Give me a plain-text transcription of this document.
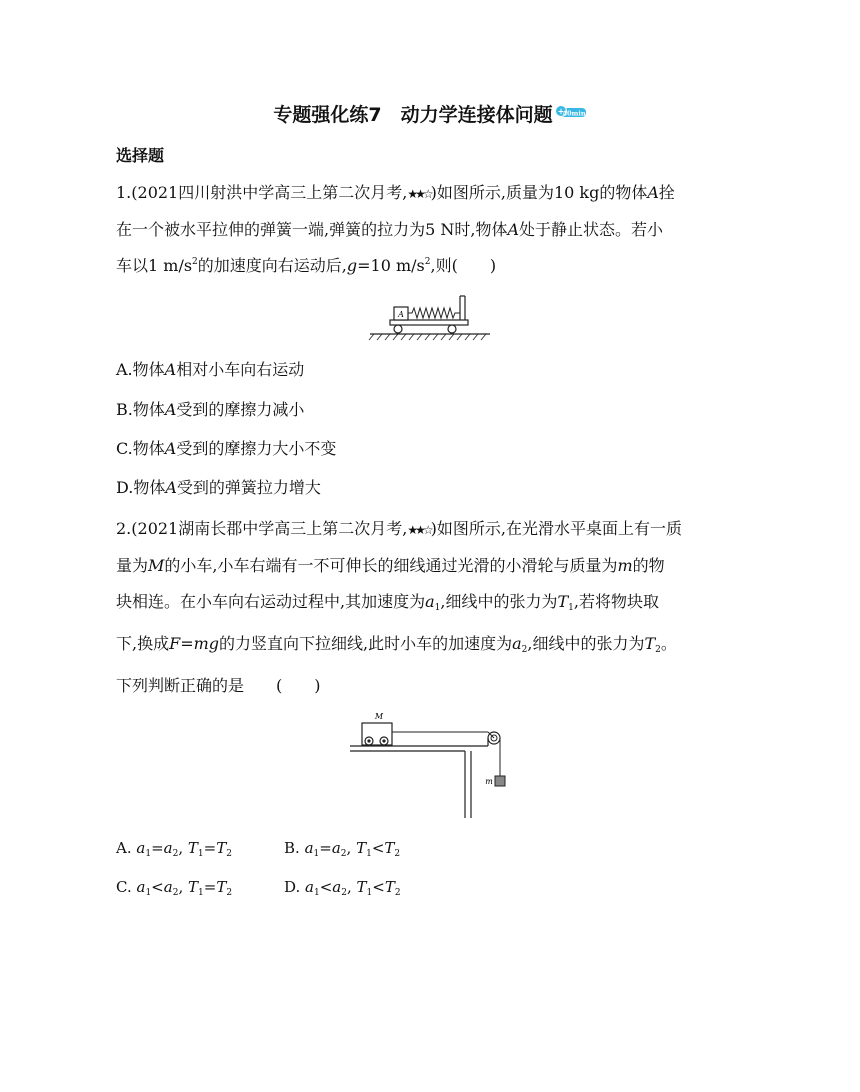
专题强化练7　动力学连接体问题 +
40min
选择题

1.(2021四川射洪中学高三上第二次月考,★★☆)如图所示,质量为10 kg的物体A拴

在一个被水平拉伸的弹簧一端,弹簧的拉力为5 N时,物体A处于静止状态。若小

车以1 $m/s^2$的加速度向右运动后,g=10 $m/s^2$,则(　　)

A
A.物体A相对小车向右运动
B.物体A受到的摩擦力减小
C.物体A受到的摩擦力大小不变
D.物体A受到的弹簧拉力增大

2.(2021湖南长郡中学高三上第二次月考,★★☆)如图所示,在光滑水平桌面上有一质

量为M的小车,小车右端有一不可伸长的细线通过光滑的小滑轮与质量为m的物

块相连。在小车向右运动过程中,其加速度为$a_1$,细线中的张力为$T_1$,若将物块取

下,换成F=mg的力竖直向下拉细线,此时小车的加速度为$a_2$,细线中的张力为$T_2$。

下列判断正确的是　　(　　)

M
m
A. $a_1=a_2$, $T_1=T_2$	B. $a_1=a_2$, $T_1<T_2$
C. $a_1<a_2$, $T_1=T_2$	D. $a_1<a_2$, $T_1<T_2$
